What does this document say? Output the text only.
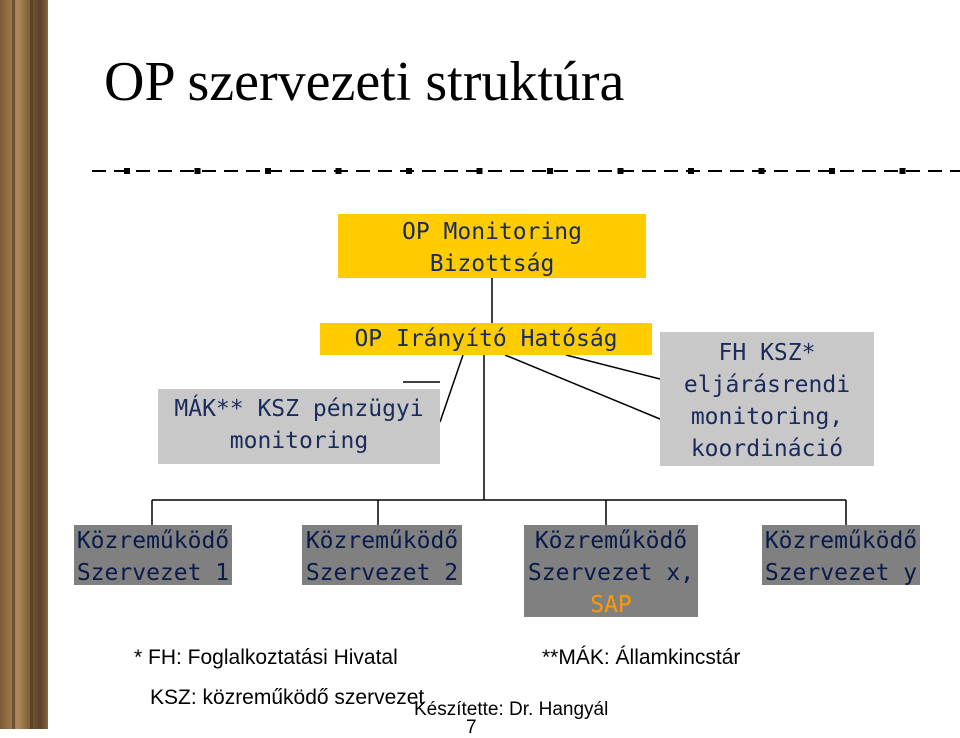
OP szervezeti struktúra
OP Monitoring
Bizottság
OP Irányító Hatóság
MÁK** KSZ pénzügyi
monitoring
FH KSZ*
eljárásrendi
monitoring,
koordináció
Közreműködő
Szervezet 1
Közreműködő
Szervezet 2
Közreműködő
Szervezet x,
SAP
Közreműködő
Szervezet y
* FH: Foglalkoztatási Hivatal	**MÁK: Államkincstár
KSZ: közreműködő szervezet
Készítette: Dr. Hangyál
7
